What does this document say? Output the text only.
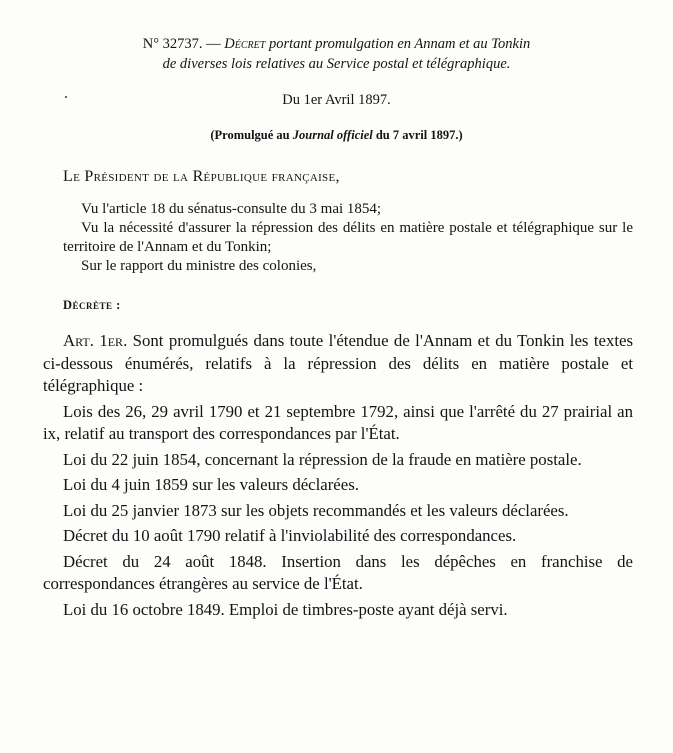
N° 32737. — Décret portant promulgation en Annam et au Tonkin
de diverses lois relatives au Service postal et télégraphique.
Du 1er Avril 1897.
(Promulgué au Journal officiel du 7 avril 1897.)
Le Président de la République française,

Vu l'article 18 du sénatus-consulte du 3 mai 1854;

Vu la nécessité d'assurer la répression des délits en matière postale et télégraphique sur le territoire de l'Annam et du Tonkin;

Sur le rapport du ministre des colonies,

Décrète :

Art. 1er. Sont promulgués dans toute l'étendue de l'Annam et du Tonkin les textes ci-dessous énumérés, relatifs à la répression des délits en matière postale et télégraphique :

Lois des 26, 29 avril 1790 et 21 septembre 1792, ainsi que l'arrêté du 27 prairial an ix, relatif au transport des correspondances par l'État.

Loi du 22 juin 1854, concernant la répression de la fraude en matière postale.

Loi du 4 juin 1859 sur les valeurs déclarées.

Loi du 25 janvier 1873 sur les objets recommandés et les valeurs déclarées.

Décret du 10 août 1790 relatif à l'inviolabilité des correspondances.

Décret du 24 août 1848. Insertion dans les dépêches en franchise de correspondances étrangères au service de l'État.

Loi du 16 octobre 1849. Emploi de timbres-poste ayant déjà servi.
